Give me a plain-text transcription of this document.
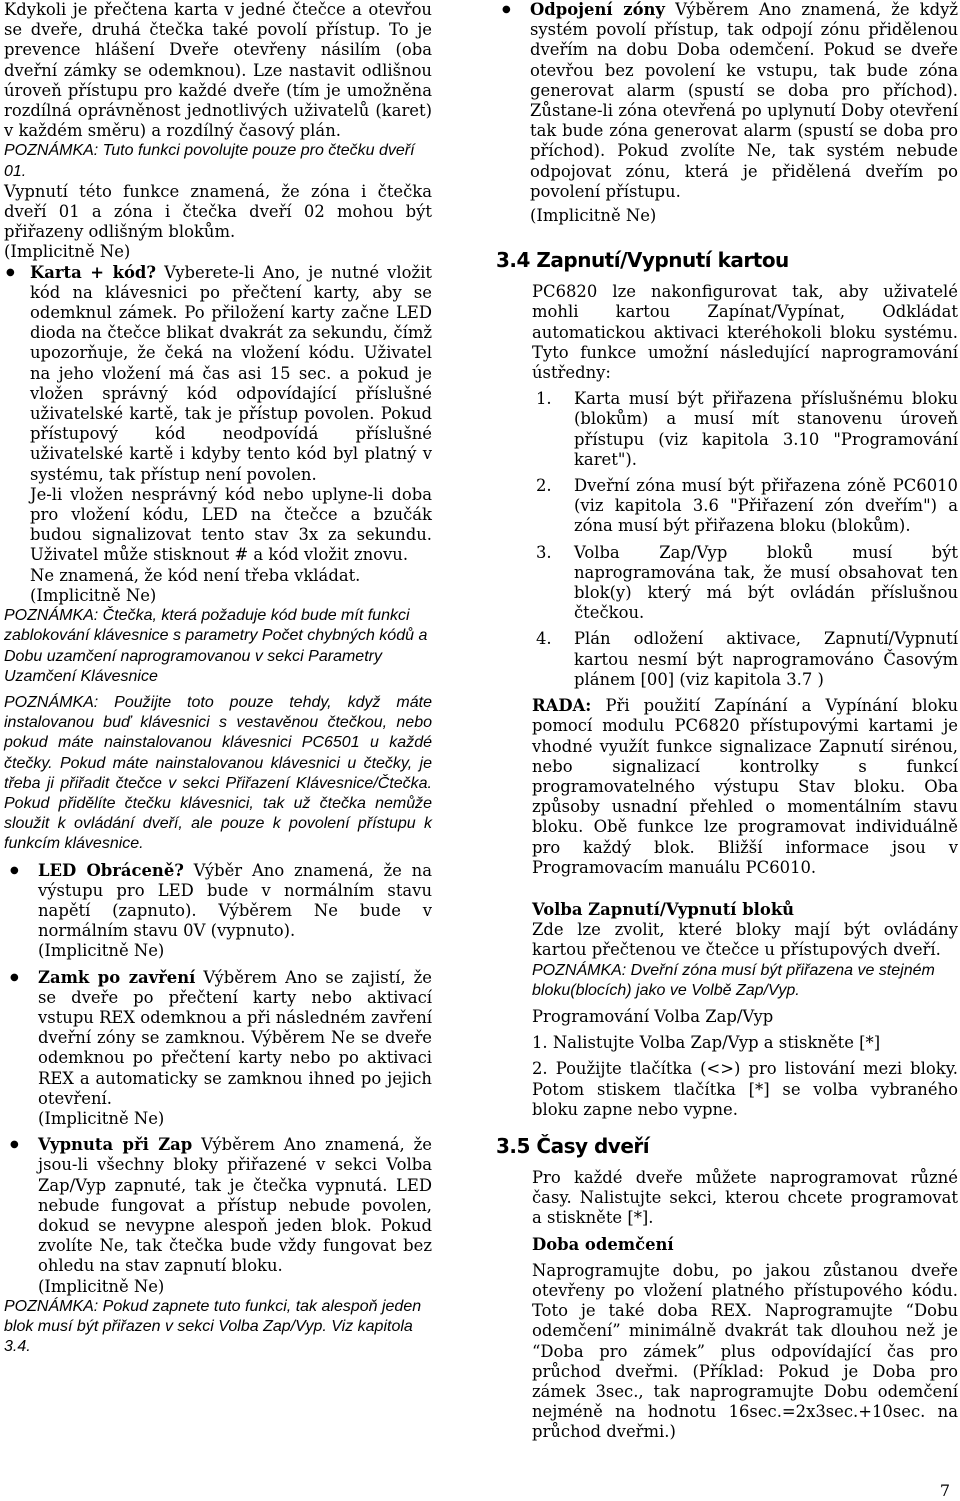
Kdykoli je přečtena karta v jedné čtečce a otevřou se dveře, druhá čtečka také povolí přístup. To je prevence hlášení Dveře otevřeny násilím (oba dveřní zámky se odemknou). Lze nastavit odlišnou úroveň přístupu pro každé dveře (tím je umožněna rozdílná oprávněnost jednotlivých uživatelů (karet) v každém směru) a rozdílný časový plán.

POZNÁMKA: Tuto funkci povolujte pouze pro čtečku dveří 01.

Vypnutí této funkce znamená, že zóna i čtečka dveří 01 a zóna i čtečka dveří 02 mohou být přiřazeny odlišným blokům.

(Implicitně Ne)

● Karta + kód? Vyberete-li Ano, je nutné vložit kód na klávesnici po přečtení karty, aby se odemknul zámek. Po přiložení karty začne LED dioda na čtečce blikat dvakrát za sekundu, čímž upozorňuje, že čeká na vložení kódu. Uživatel na jeho vložení má čas asi 15 sec. a pokud je vložen správný kód odpovídající příslušné uživatelské kartě, tak je přístup povolen. Pokud přístupový kód neodpovídá příslušné uživatelské kartě i kdyby tento kód byl platný v systému, tak přístup není povolen.

Je-li vložen nesprávný kód nebo uplyne-li doba pro vložení kódu, LED na čtečce a bzučák budou signalizovat tento stav 3x za sekundu. Uživatel může stisknout # a kód vložit znovu.

Ne znamená, že kód není třeba vkládat.

(Implicitně Ne)

POZNÁMKA: Čtečka, která požaduje kód bude mít funkci zablokování klávesnice s parametry Počet chybných kódů a Dobu uzamčení naprogramovanou v sekci Parametry Uzamčení Klávesnice

POZNÁMKA: Použijte toto pouze tehdy, když máte instalovanou buď klávesnici s vestavěnou čtečkou, nebo pokud máte nainstalovanou klávesnici PC6501 u každé čtečky. Pokud máte nainstalovanou klávesnici u čtečky, je třeba ji přiřadit čtečce v sekci Přiřazení Klávesnice/Čtečka. Pokud přidělíte čtečku klávesnici, tak už čtečka nemůže sloužit k ovládání dveří, ale pouze k povolení přístupu k funkcím klávesnice.

● LED Obráceně? Výběr Ano znamená, že na výstupu pro LED bude v normálním stavu napětí (zapnuto). Výběrem Ne bude v normálním stavu 0V (vypnuto).

(Implicitně Ne)

● Zamk po zavření Výběrem Ano se zajistí, že se dveře po přečtení karty nebo aktivací vstupu REX odemknou a při následném zavření dveřní zóny se zamknou. Výběrem Ne se dveře odemknou po přečtení karty nebo po aktivaci REX a automaticky se zamknou ihned po jejich otevření.

(Implicitně Ne)

● Vypnuta při Zap Výběrem Ano znamená, že jsou-li všechny bloky přiřazené v sekci Volba Zap/Vyp zapnuté, tak je čtečka vypnutá. LED nebude fungovat a přístup nebude povolen, dokud se nevypne alespoň jeden blok. Pokud zvolíte Ne, tak čtečka bude vždy fungovat bez ohledu na stav zapnutí bloku.

(Implicitně Ne)

POZNÁMKA: Pokud zapnete tuto funkci, tak alespoň jeden blok musí být přiřazen v sekci Volba Zap/Vyp. Viz kapitola 3.4.

● Odpojení zóny Výběrem Ano znamená, že když systém povolí přístup, tak odpojí zónu přidělenou dveřím na dobu Doba odemčení. Pokud se dveře otevřou bez povolení ke vstupu, tak bude zóna generovat alarm (spustí se doba pro příchod). Zůstane-li zóna otevřená po uplynutí Doby otevření tak bude zóna generovat alarm (spustí se doba pro příchod). Pokud zvolíte Ne, tak systém nebude odpojovat zónu, která je přidělená dveřím po povolení přístupu.

(Implicitně Ne)

3.4 Zapnutí/Vypnutí kartou

PC6820 lze nakonfigurovat tak, aby uživatelé mohli kartou Zapínat/Vypínat, Odkládat automatickou aktivaci kteréhokoli bloku systému. Tyto funkce umožní následující naprogramování ústředny:

1. Karta musí být přiřazena příslušnému bloku (blokům) a musí mít stanovenu úroveň přístupu (viz kapitola 3.10 "Programování karet").
2. Dveřní zóna musí být přiřazena zóně PC6010 (viz kapitola 3.6 "Přiřazení zón dveřím") a zóna musí být přiřazena bloku (blokům).
3. Volba Zap/Vyp bloků musí být naprogramována tak, že musí obsahovat ten blok(y) který má být ovládán příslušnou čtečkou.
4. Plán odložení aktivace, Zapnutí/Vypnutí kartou nesmí být naprogramováno Časovým plánem [00] (viz kapitola 3.7 )

RADA: Při použití Zapínání a Vypínání bloku pomocí modulu PC6820 přístupovými kartami je vhodné využít funkce signalizace Zapnutí sirénou, nebo signalizací kontrolky s funkcí programovatelného výstupu Stav bloku. Oba způsoby usnadní přehled o momentálním stavu bloku. Obě funkce lze programovat individuálně pro každý blok. Bližší informace jsou v Programovacím manuálu PC6010.

Volba Zapnutí/Vypnutí bloků

Zde lze zvolit, které bloky mají být ovládány kartou přečtenou ve čtečce u přístupových dveří.

POZNÁMKA: Dveřní zóna musí být přiřazena ve stejném bloku(blocích) jako ve Volbě Zap/Vyp.

Programování Volba Zap/Vyp

1. Nalistujte Volba Zap/Vyp a stiskněte [*]

2. Použijte tlačítka (<>) pro listování mezi bloky. Potom stiskem tlačítka [*] se volba vybraného bloku zapne nebo vypne.

3.5 Časy dveří

Pro každé dveře můžete naprogramovat různé časy. Nalistujte sekci, kterou chcete programovat a stiskněte [*].

Doba odemčení

Naprogramujte dobu, po jakou zůstanou dveře otevřeny po vložení platného přístupového kódu. Toto je také doba REX. Naprogramujte “Dobu odemčení” minimálně dvakrát tak dlouhou než je “Doba pro zámek” plus odpovídající čas pro průchod dveřmi. (Příklad: Pokud je Doba pro zámek 3sec., tak naprogramujte Dobu odemčení nejméně na hodnotu 16sec.=2x3sec.+10sec. na průchod dveřmi.)

7
